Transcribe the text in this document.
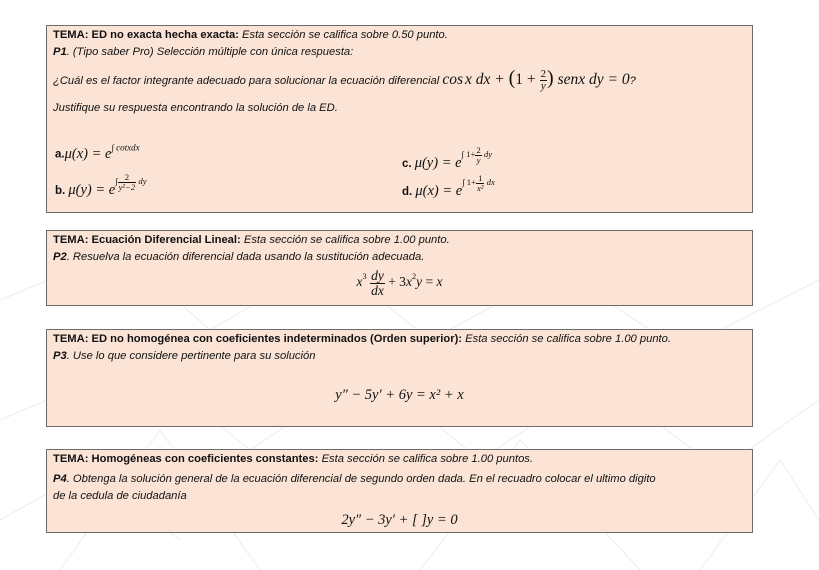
TEMA: ED no exacta hecha exacta: Esta sección se califica sobre 0.50 punto.
P1. (Tipo saber Pro) Selección múltiple con única respuesta:
¿Cuál es el factor integrante adecuado para solucionar la ecuación diferencial cos x dx + ($1 + \frac{2}{y}$ ) senx dy = 0?
Justifique su respuesta encontrando la solución de la ED.
$a.\mu(x) = e^{\int cotxdx}$
b. $\mu(y) = e\int \frac{2}{\text{y²−2}}$ dy
c. μ(y) = e∫ $1+ \frac{2}{y}$ dy
d. μ(x) = e∫ $1+ \frac{1}{\text{x²}}$ dx
TEMA: Ecuación Diferencial Lineal: Esta sección se califica sobre 1.00 punto.
P2. Resuelva la ecuación diferencial dada usando la sustitución adecuada.
$x^3 \frac{dy}{dx} + 3x^2y = x$
TEMA: ED no homogénea con coeficientes indeterminados (Orden superior): Esta sección se califica sobre 1.00 punto.
P3. Use lo que considere pertinente para su solución
y″ − 5y′ + 6y = x² + x
TEMA: Homogéneas con coeficientes constantes: Esta sección se califica sobre 1.00 puntos.
P4. Obtenga la solución general de la ecuación diferencial de segundo orden dada. En el recuadro colocar el ultimo digito
de la cedula de ciudadanía
2y″ − 3y′ + [ ]y = 0
